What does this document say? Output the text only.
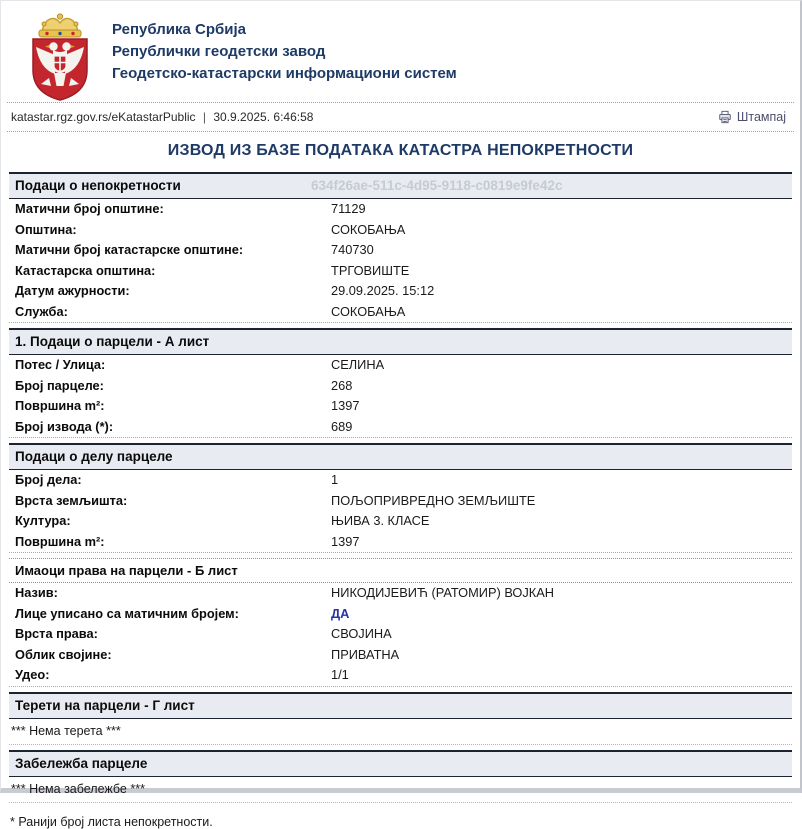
Република Србија
Републички геодетски завод
Геодетско-катастарски информациони систем
katastar.rgz.gov.rs/eKatastarPublic | 30.9.2025. 6:46:58	Штампај
ИЗВОД ИЗ БАЗЕ ПОДАТАКА КАТАСТРА НЕПОКРЕТНОСТИ
Подаци о непокретности	634f26ae-511c-4d95-9118-c0819e9fe42c
Матични број општине:	71129
Општина:	СОКОБАЊА
Матични број катастарске општине:	740730
Катастарска општина:	ТРГОВИШТЕ
Датум ажурности:	29.09.2025. 15:12
Служба:	СОКОБАЊА
1. Подаци о парцели - А лист
Потес / Улица:	СЕЛИНА
Број парцеле:	268
Површина m²:	1397
Број извода (*):	689
Подаци о делу парцеле
Број дела:	1
Врста земљишта:	ПОЉОПРИВРЕДНО ЗЕМЉИШТЕ
Култура:	ЊИВА 3. КЛАСЕ
Површина m²:	1397
Имаоци права на парцели - Б лист
Назив:	НИКОДИЈЕВИЋ (РАТОМИР) ВОЈКАН
Лице уписано са матичним бројем:	ДА
Врста права:	СВОЈИНА
Облик својине:	ПРИВАТНА
Удео:	1/1
Терети на парцели - Г лист
*** Нема терета ***
Забележба парцеле
*** Нема забележбе ***
* Ранији број листа непокретности.
